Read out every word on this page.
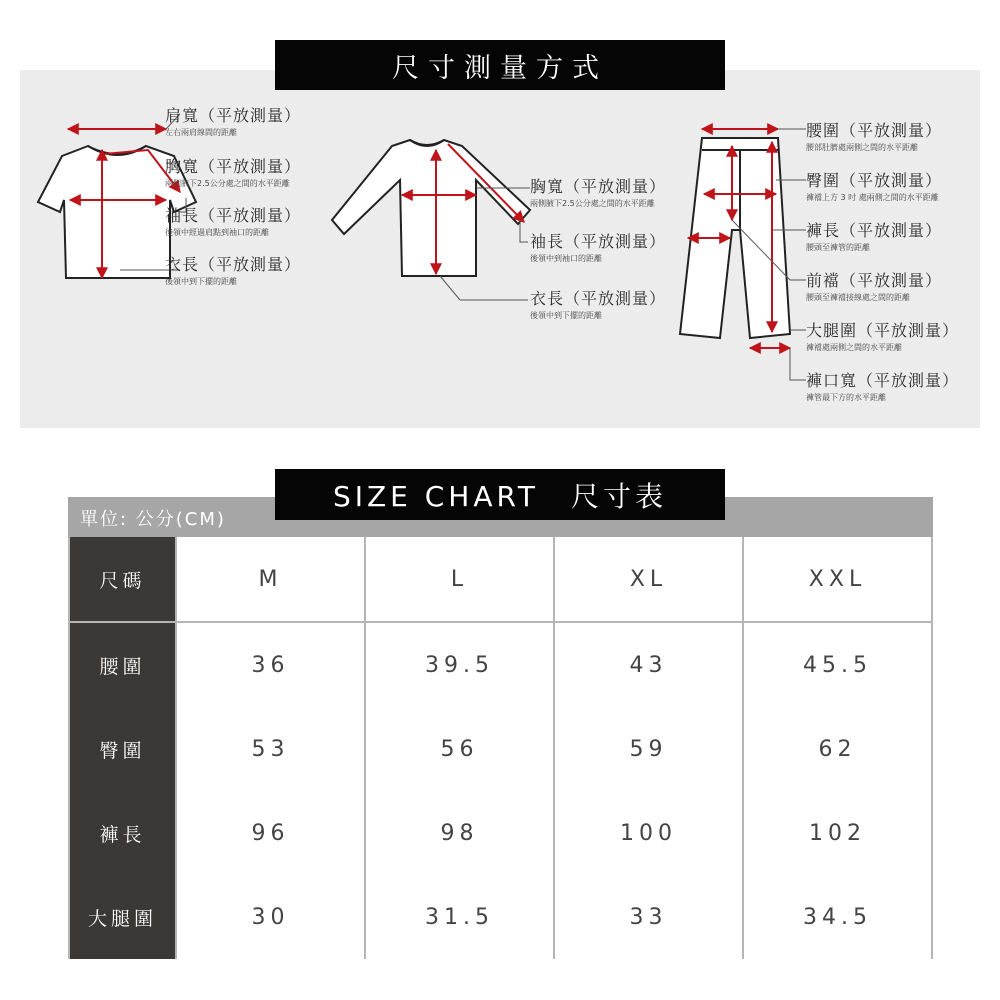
尺寸測量方式
肩寬（平放測量）
左右兩肩線間的距離
胸寬（平放測量）
兩側腋下2.5公分處之間的水平距離
袖長（平放測量）
後領中經過肩點到袖口的距離
衣長（平放測量）
後領中到下擺的距離
胸寬（平放測量）
兩側腋下2.5公分處之間的水平距離
袖長（平放測量）
後領中到袖口的距離
衣長（平放測量）
後領中到下擺的距離
腰圍（平放測量）
腰部肚臍處兩側之間的水平距離
臀圍（平放測量）
褲襠上方 3 吋 處兩側之間的水平距離
褲長（平放測量）
腰頭至褲管的距離
前襠（平放測量）
腰頭至褲襠接線處之間的距離
大腿圍（平放測量）
褲襠處兩側之間的水平距離
褲口寬（平放測量）
褲管最下方的水平距離
SIZE CHART　尺寸表
單位: 公分(CM)
尺碼	M	L	XL	XXL
腰圍	36	39.5	43	45.5
臀圍	53	56	59	62
褲長	96	98	100	102
大腿圍	30	31.5	33	34.5
